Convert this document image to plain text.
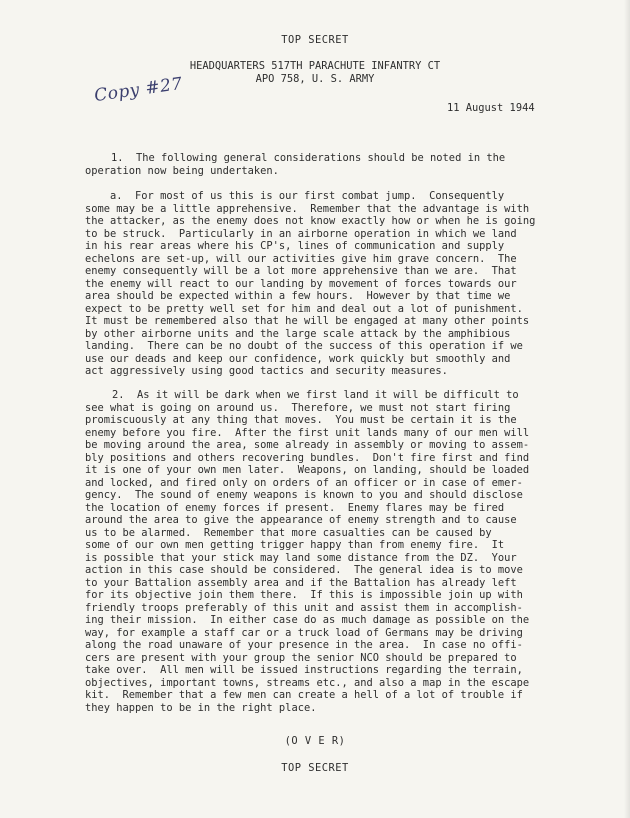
TOP SECRET
HEADQUARTERS 517TH PARACHUTE INFANTRY CT
APO 758, U. S. ARMY
Copy #27
11 August 1944
1.  The following general considerations should be noted in the
operation now being undertaken.
a.  For most of us this is our first combat jump.  Consequently
some may be a little apprehensive.  Remember that the advantage is with
the attacker, as the enemy does not know exactly how or when he is going
to be struck.  Particularly in an airborne operation in which we land
in his rear areas where his CP's, lines of communication and supply
echelons are set-up, will our activities give him grave concern.  The
enemy consequently will be a lot more apprehensive than we are.  That
the enemy will react to our landing by movement of forces towards our
area should be expected within a few hours.  However by that time we
expect to be pretty well set for him and deal out a lot of punishment.
It must be remembered also that he will be engaged at many other points
by other airborne units and the large scale attack by the amphibious
landing.  There can be no doubt of the success of this operation if we
use our deads and keep our confidence, work quickly but smoothly and
act aggressively using good tactics and security measures.
2.  As it will be dark when we first land it will be difficult to
see what is going on around us.  Therefore, we must not start firing
promiscuously at any thing that moves.  You must be certain it is the
enemy before you fire.  After the first unit lands many of our men will
be moving around the area, some already in assembly or moving to assem-
bly positions and others recovering bundles.  Don't fire first and find
it is one of your own men later.  Weapons, on landing, should be loaded
and locked, and fired only on orders of an officer or in case of emer-
gency.  The sound of enemy weapons is known to you and should disclose
the location of enemy forces if present.  Enemy flares may be fired
around the area to give the appearance of enemy strength and to cause
us to be alarmed.  Remember that more casualties can be caused by
some of our own men getting trigger happy than from enemy fire.  It
is possible that your stick may land some distance from the DZ.  Your
action in this case should be considered.  The general idea is to move
to your Battalion assembly area and if the Battalion has already left
for its objective join them there.  If this is impossible join up with
friendly troops preferably of this unit and assist them in accomplish-
ing their mission.  In either case do as much damage as possible on the
way, for example a staff car or a truck load of Germans may be driving
along the road unaware of your presence in the area.  In case no offi-
cers are present with your group the senior NCO should be prepared to
take over.  All men will be issued instructions regarding the terrain,
objectives, important towns, streams etc., and also a map in the escape
kit.  Remember that a few men can create a hell of a lot of trouble if
they happen to be in the right place.
(O V E R)
TOP SECRET
